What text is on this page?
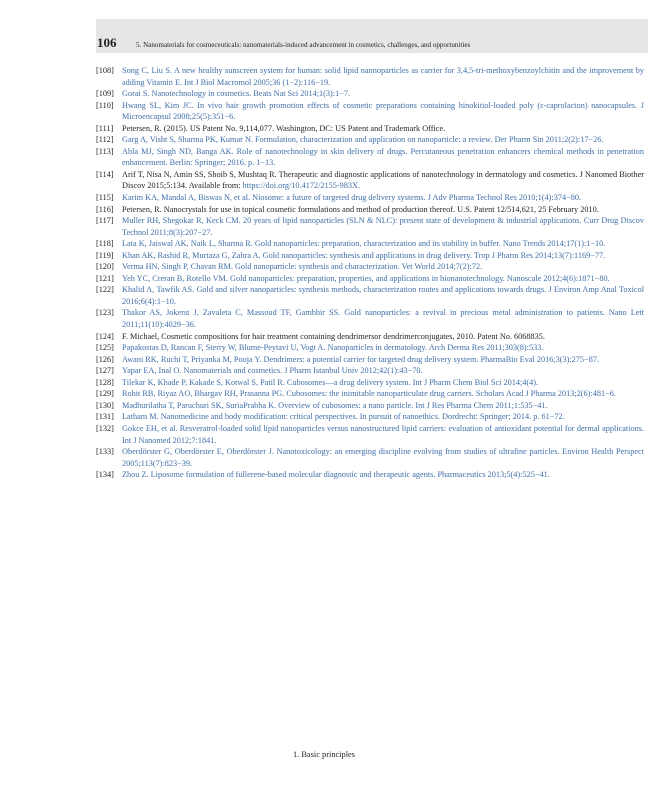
106	5. Nanomaterials for cosmeceuticals: nanomaterials-induced advancement in cosmetics, challenges, and opportunities
[108] Song C, Liu S. A new healthy sunscreen system for human: solid lipid nannoparticles as carrier for 3,4,5-tri-methoxybenzoylchitin and the improvement by adding Vitamin E. Int J Biol Macromol 2005;36 (1−2):116−19.
[109] Gorai S. Nanotechnology in cosmetics. Beats Nat Sci 2014;1(3):1−7.
[110]	Hwang SL, Kim JC. In vivo hair growth promotion effects of cosmetic preparations containing hinokitiol-loaded poly (ε-caprolacton) nanocapsules. J Microencapsul 2008;25(5):351−6.
[111]	Petersen, R. (2015). US Patent No. 9,114,077. Washington, DC: US Patent and Trademark Office.
[112]	Garg A, Visht S, Sharma PK, Kumar N. Formulation, characterization and application on nanoparticle: a review. Der Pharm Sin 2011;2(2):17−26.
[113]	Abla MJ, Singh ND, Banga AK. Role of nanotechnology in skin delivery of drugs. Percutaneous penetration enhancers chemical methods in penetration enhancement. Berlin: Springer; 2016. p. 1−13.
[114]	Arif T, Nisa N, Amin SS, Shoib S, Mushtaq R. Therapeutic and diagnostic applications of nanotechnology in dermatology and cosmetics. J Nanomed Biother Discov 2015;5:134. Available from: https://doi.org/10.4172/2155-983X.
[115]	Karim KA, Mandal A, Biswas N, et al. Niosome: a future of targeted drug delivery systems. J Adv Pharma Technol Res 2010;1(4):374−80.
[116]	Petersen, R. Nanocrystals for use in topical cosmetic formulations and method of production thereof. U.S. Patent 12/514,621, 25 February 2010.
[117]	Muller RH, Shegokar R, Keck CM. 20 years of lipid nanoparticles (SLN & NLC): present state of development & industrial applications. Curr Drug Discov Technol 2011;8(3):207−27.
[118]	Lata K, Jaiswal AK, Naik L, Sharma R. Gold nanoparticles: preparation, characterization and its stability in buffer. Nano Trends 2014;17(1):1−10.
[119]	Khan AK, Rashid R, Murtaza G, Zahra A. Gold nanoparticles: synthesis and applications in drug delivery. Trop J Pharm Res 2014;13(7):1169−77.
[120] Verma HN, Singh P, Chavan RM. Gold nanoparticle: synthesis and characterization. Vet World 2014;7(2):72.
[121] Yeh YC, Creran B, Rotello VM. Gold nanoparticles: preparation, properties, and applications in bionanotechnology. Nanoscale 2012;4(6):1871−80.
[122] Khalid A, Tawfik AS. Gold and silver nanoparticles: synthesis methods, characterization routes and applications towards drugs. J Environ Amp Anal Toxicol 2016;6(4):1−10.
[123] Thakor AS, Jokerst J, Zavaleta C, Massoud TF, Gambhir SS. Gold nanoparticles: a revival in precious metal administration to patients. Nano Lett 2011;11(10):4029−36.
[124] F. Michael, Cosmetic compositions for hair treatment containing dendrimersor dendrimerconjugates, 2010. Patent No. 6068835.
[125] Papakostas D, Rancan F, Sterry W, Blume-Peytavi U, Vogt A. Nanoparticles in dermatology. Arch Derma Res 2011;303(8):533.
[126] Awani RK, Ruchi T, Priyanka M, Pooja Y. Dendrimers: a potential carrier for targeted drug delivery system. PharmaBio Eval 2016;3(3):275−87.
[127] Yapar EA, Inal O. Nanomaterials and cosmetics. J Pharm Istanbul Univ 2012;42(1):43−70.
[128] Tilekar K, Khade P, Kakade S, Kotwal S, Patil R. Cubosomes—a drug delivery system. Int J Pharm Chem Biol Sci 2014;4(4).
[129] Rohit RB, Riyaz AO, Bhargav RH, Prasanna PG. Cubosomes: the inimitable nanoparticulate drug carriers. Scholars Acad J Pharma 2013;2(6):481−6.
[130] Madhurilatha T, Paruchuri SK, SuriaPrabha K. Overview of cubosomes: a nano particle. Int J Res Pharma Chem 2011;1:535−41.
[131] Latham M. Nanomedicine and body modification: critical perspectives. In pursuit of nanoethics. Dordrecht: Springer; 2014. p. 61−72.
[132] Gokce EH, et al. Resveratrol-loaded solid lipid nanoparticles versus nanostructured lipid carriers: evaluation of antioxidant potential for dermal applications. Int J Nanomed 2012;7:1841.
[133] Oberdörster G, Oberdörster E, Oberdörster J. Nanotoxicology: an emerging discipline evolving from studies of ultrafine particles. Environ Health Perspect 2005;113(7):823−39.
[134] Zhou Z. Liposome formulation of fullerene-based molecular diagnostic and therapeutic agents. Pharmaceutics 2013;5(4):525−41.
1. Basic principles
